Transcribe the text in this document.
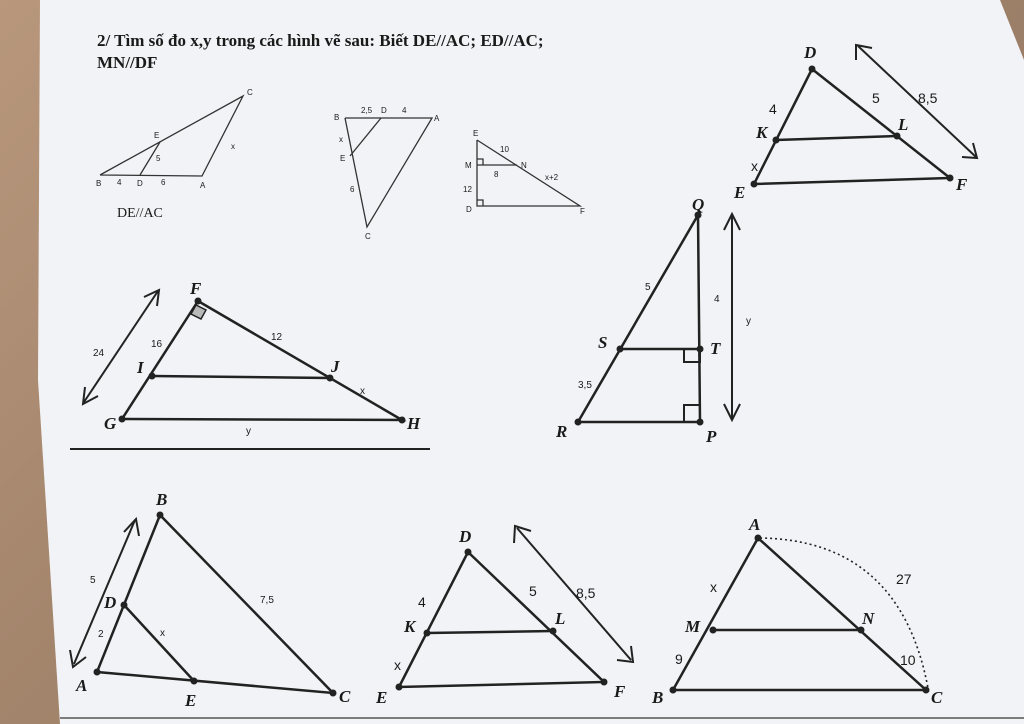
B	D	A
E
C
4	6
5
x
DE//AC
B
D
A
E
C
2,5	4
x
6
E
M	N
D	F
10
8
12
x+2
D
K	L
E	F
4
5	8,5
x
Q
S	T
R	P
5
4
3,5
y
F
I	J
G	H
24
16
12
x
y
B
D
A
E	C
5
2	x
7,5
D
K	L
E	F
4
5	8,5
x
A
M	N
B	C
x
9
27
10
2/ Tìm số đo x,y trong các hình vẽ sau: Biết DE//AC; ED//AC;
MN//DF
